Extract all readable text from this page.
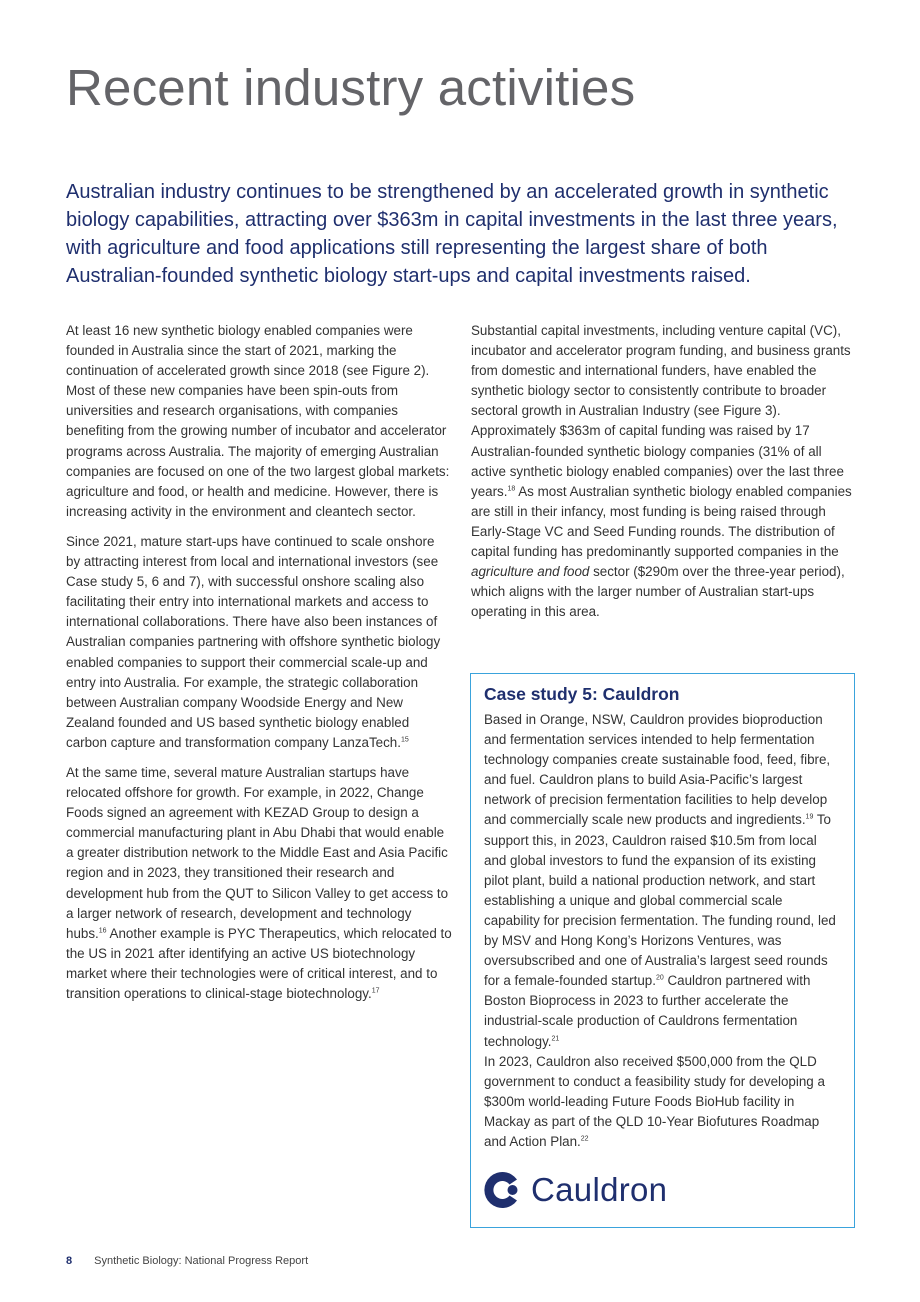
Recent industry activities

Australian industry continues to be strengthened by an accelerated growth in synthetic biology capabilities, attracting over $363m in capital investments in the last three years, with agriculture and food applications still representing the largest share of both Australian-founded synthetic biology start-ups and capital investments raised.

At least 16 new synthetic biology enabled companies were founded in Australia since the start of 2021, marking the continuation of accelerated growth since 2018 (see Figure 2). Most of these new companies have been spin-outs from universities and research organisations, with companies benefiting from the growing number of incubator and accelerator programs across Australia. The majority of emerging Australian companies are focused on one of the two largest global markets: agriculture and food, or health and medicine. However, there is increasing activity in the environment and cleantech sector.

Since 2021, mature start-ups have continued to scale onshore by attracting interest from local and international investors (see Case study 5, 6 and 7), with successful onshore scaling also facilitating their entry into international markets and access to international collaborations. There have also been instances of Australian companies partnering with offshore synthetic biology enabled companies to support their commercial scale-up and entry into Australia. For example, the strategic collaboration between Australian company Woodside Energy and New Zealand founded and US based synthetic biology enabled carbon capture and transformation company LanzaTech.$^{15}$

At the same time, several mature Australian startups have relocated offshore for growth. For example, in 2022, Change Foods signed an agreement with KEZAD Group to design a commercial manufacturing plant in Abu Dhabi that would enable a greater distribution network to the Middle East and Asia Pacific region and in 2023, they transitioned their research and development hub from the QUT to Silicon Valley to get access to a larger network of research, development and technology hubs.$^{16}$ Another example is PYC Therapeutics, which relocated to the US in 2021 after identifying an active US biotechnology market where their technologies were of critical interest, and to transition operations to clinical-stage biotechnology.$^{17}$

Substantial capital investments, including venture capital (VC), incubator and accelerator program funding, and business grants from domestic and international funders, have enabled the synthetic biology sector to consistently contribute to broader sectoral growth in Australian Industry (see Figure 3). Approximately $363m of capital funding was raised by 17 Australian-founded synthetic biology companies (31% of all active synthetic biology enabled companies) over the last three years.$^{18}$ As most Australian synthetic biology enabled companies are still in their infancy, most funding is being raised through Early-Stage VC and Seed Funding rounds. The distribution of capital funding has predominantly supported companies in the agriculture and food sector ($290m over the three-year period), which aligns with the larger number of Australian start-ups operating in this area.

Case study 5: Cauldron

Based in Orange, NSW, Cauldron provides bioproduction and fermentation services intended to help fermentation technology companies create sustainable food, feed, fibre, and fuel. Cauldron plans to build Asia-Pacific’s largest network of precision fermentation facilities to help develop and commercially scale new products and ingredients.$^{19}$ To support this, in 2023, Cauldron raised $10.5m from local and global investors to fund the expansion of its existing pilot plant, build a national production network, and start establishing a unique and global commercial scale capability for precision fermentation. The funding round, led by MSV and Hong Kong’s Horizons Ventures, was oversubscribed and one of Australia’s largest seed rounds for a female-founded startup.$^{20}$ Cauldron partnered with Boston Bioprocess in 2023 to further accelerate the industrial-scale production of Cauldrons fermentation technology.$^{21}$
In 2023, Cauldron also received $500,000 from the QLD government to conduct a feasibility study for developing a $300m world-leading Future Foods BioHub facility in Mackay as part of the QLD 10-Year Biofutures Roadmap and Action Plan.$^{22}$

Cauldron
8 Synthetic Biology: National Progress Report
